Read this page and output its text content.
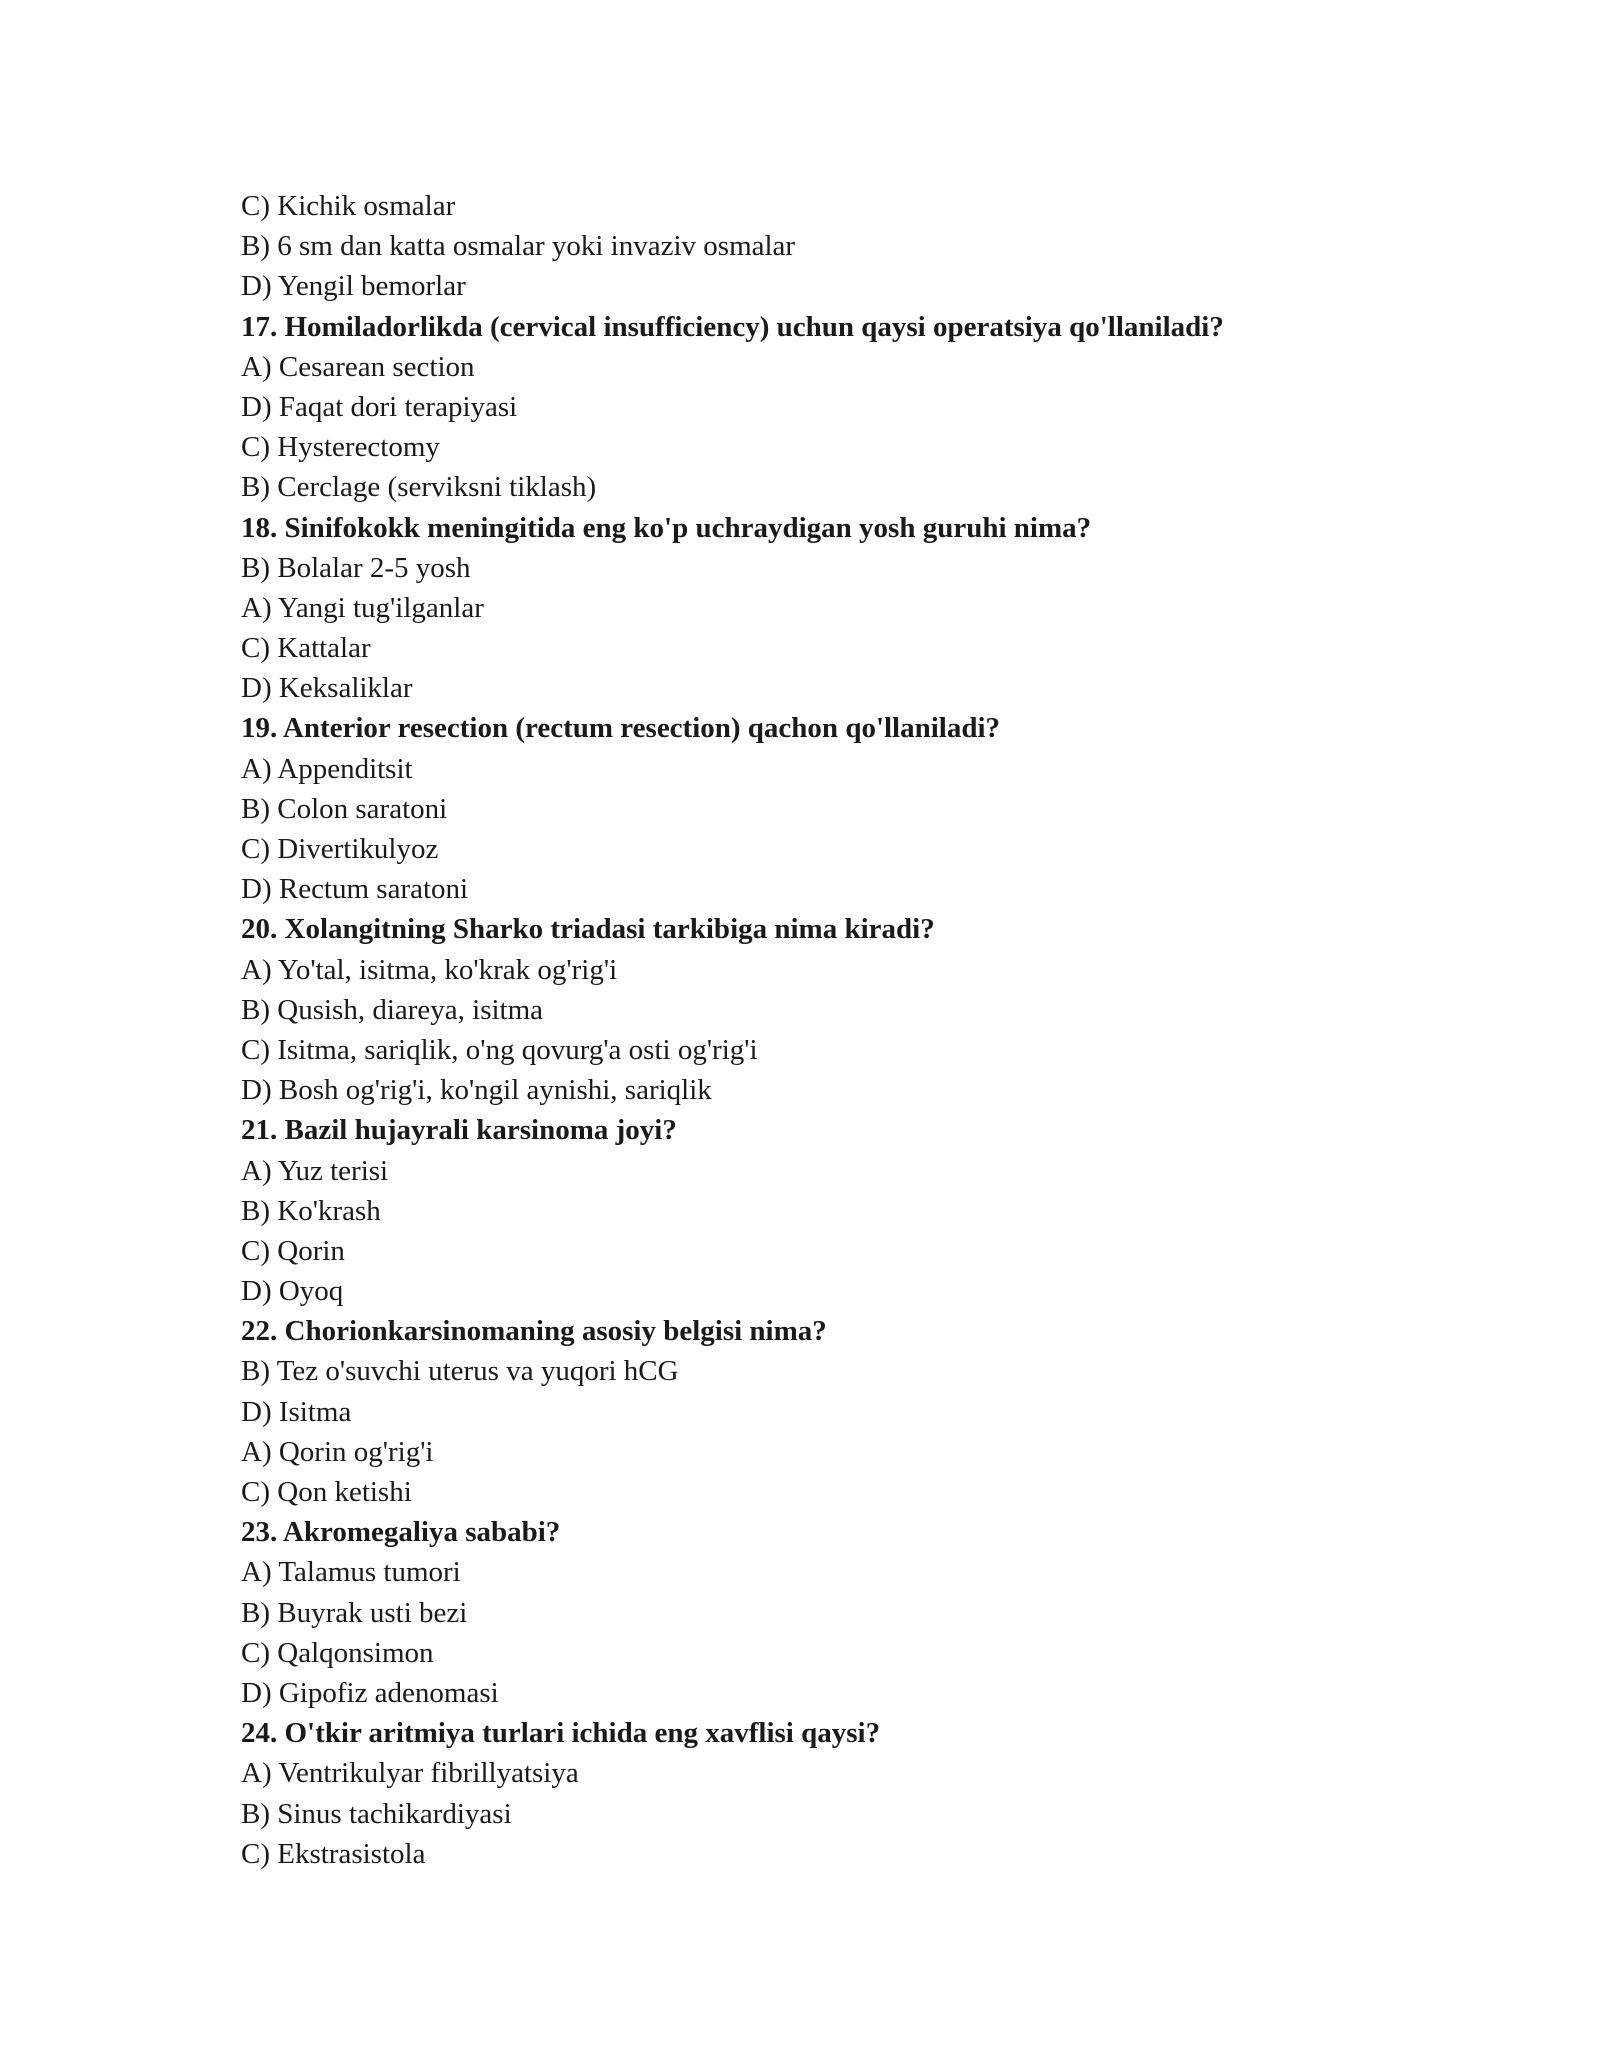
C) Kichik osmalar
B) 6 sm dan katta osmalar yoki invaziv osmalar
D) Yengil bemorlar
17. Homiladorlikda (cervical insufficiency) uchun qaysi operatsiya qo'llaniladi?
A) Cesarean section
D) Faqat dori terapiyasi
C) Hysterectomy
B) Cerclage (serviksni tiklash)
18. Sinifokokk meningitida eng ko'p uchraydigan yosh guruhi nima?
B) Bolalar 2-5 yosh
A) Yangi tug'ilganlar
C) Kattalar
D) Keksaliklar
19. Anterior resection (rectum resection) qachon qo'llaniladi?
A) Appenditsit
B) Colon saratoni
C) Divertikulyoz
D) Rectum saratoni
20. Xolangitning Sharko triadasi tarkibiga nima kiradi?
A) Yo'tal, isitma, ko'krak og'rig'i
B) Qusish, diareya, isitma
C) Isitma, sariqlik, o'ng qovurg'a osti og'rig'i
D) Bosh og'rig'i, ko'ngil aynishi, sariqlik
21. Bazil hujayrali karsinoma joyi?
A) Yuz terisi
B) Ko'krash
C) Qorin
D) Oyoq
22. Chorionkarsinomaning asosiy belgisi nima?
B) Tez o'suvchi uterus va yuqori hCG
D) Isitma
A) Qorin og'rig'i
C) Qon ketishi
23. Akromegaliya sababi?
A) Talamus tumori
B) Buyrak usti bezi
C) Qalqonsimon
D) Gipofiz adenomasi
24. O'tkir aritmiya turlari ichida eng xavflisi qaysi?
A) Ventrikulyar fibrillyatsiya
B) Sinus tachikardiyasi
C) Ekstrasistola
